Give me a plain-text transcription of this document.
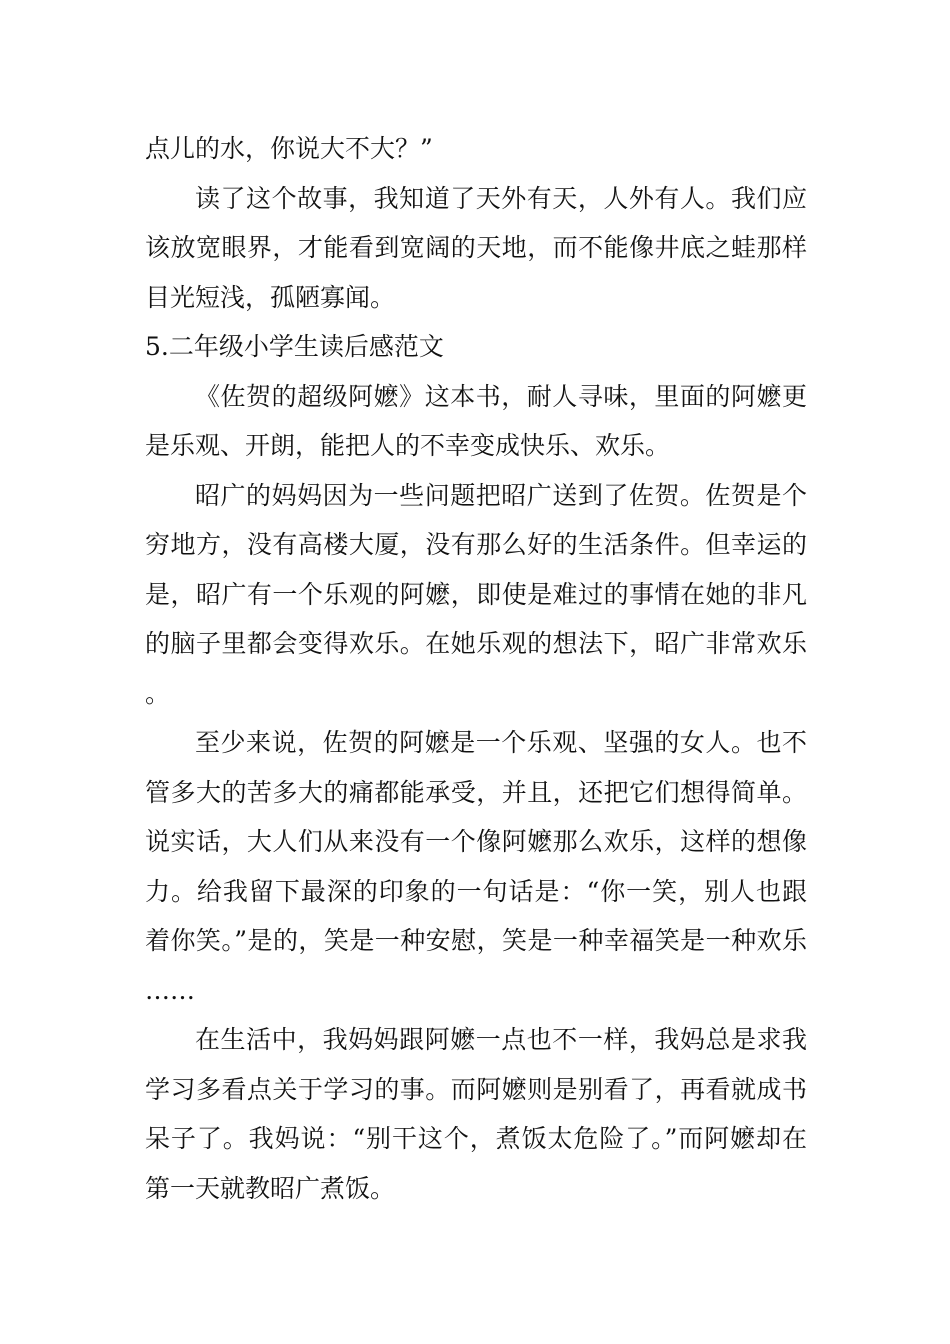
点儿的水，你说大不大？”

读了这个故事，我知道了天外有天，人外有人。我们应该放宽眼界，才能看到宽阔的天地，而不能像井底之蛙那样目光短浅，孤陋寡闻。

5.二年级小学生读后感范文

《佐贺的超级阿嬷》这本书，耐人寻味，里面的阿嬷更是乐观、开朗，能把人的不幸变成快乐、欢乐。

昭广的妈妈因为一些问题把昭广送到了佐贺。佐贺是个穷地方，没有高楼大厦，没有那么好的生活条件。但幸运的是，昭广有一个乐观的阿嬷，即使是难过的事情在她的非凡的脑子里都会变得欢乐。在她乐观的想法下，昭广非常欢乐。

至少来说，佐贺的阿嬷是一个乐观、坚强的女人。也不管多大的苦多大的痛都能承受，并且，还把它们想得简单。说实话，大人们从来没有一个像阿嬷那么欢乐，这样的想像力。给我留下最深的印象的一句话是：“你一笑，别人也跟着你笑。”是的，笑是一种安慰，笑是一种幸福笑是一种欢乐……

在生活中，我妈妈跟阿嬷一点也不一样，我妈总是求我学习多看点关于学习的事。而阿嬷则是别看了，再看就成书呆子了。我妈说：“别干这个，煮饭太危险了。”而阿嬷却在第一天就教昭广煮饭。
